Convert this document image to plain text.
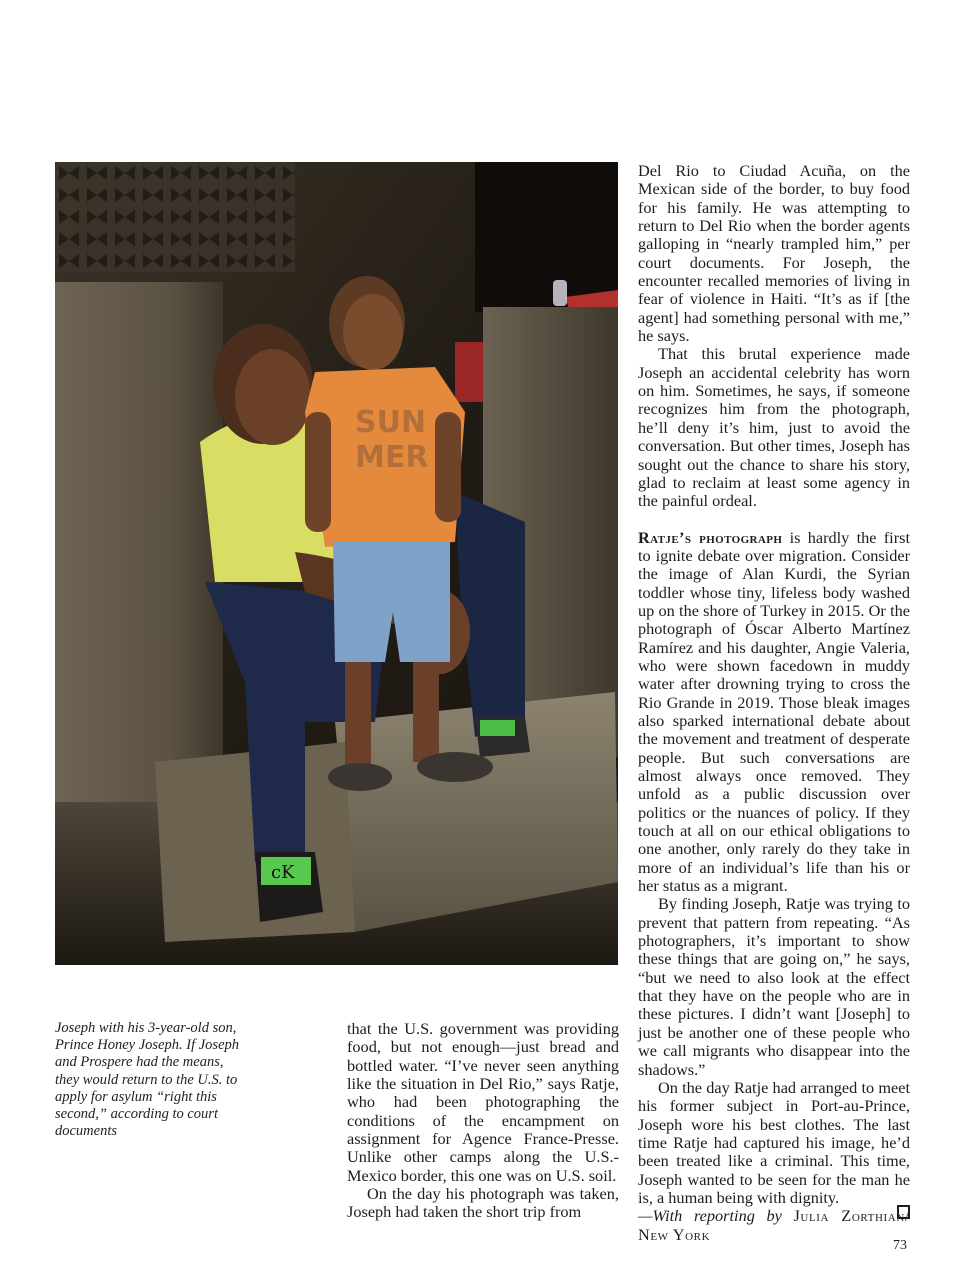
SUN
MER
cK
Joseph with his 3-year-old son, Prince Honey Joseph. If Joseph and Prospere had the means, they would return to the U.S. to apply for asylum “right this second,” according to court documents

that the U.S. government was providing food, but not enough—just bread and bottled water. “I’ve never seen anything like the situation in Del Rio,” says Ratje, who had been photographing the conditions of the encampment on assignment for Agence France-Presse. Unlike other camps along the U.S.-Mexico border, this one was on U.S. soil.

On the day his photograph was taken, Joseph had taken the short trip from

Del Rio to Ciudad Acuña, on the Mexican side of the border, to buy food for his family. He was attempting to return to Del Rio when the border agents galloping in “nearly trampled him,” per court documents. For Joseph, the encounter recalled memories of living in fear of violence in Haiti. “It’s as if [the agent] had something personal with me,” he says.

That this brutal experience made Joseph an accidental celebrity has worn on him. Sometimes, he says, if someone recognizes him from the photograph, he’ll deny it’s him, just to avoid the conversation. But other times, Joseph has sought out the chance to share his story, glad to reclaim at least some agency in the painful ordeal.

Ratje’s photograph is hardly the first to ignite debate over migration. Consider the image of Alan Kurdi, the Syrian toddler whose tiny, lifeless body washed up on the shore of Turkey in 2015. Or the photograph of Óscar Alberto Martínez Ramírez and his daughter, Angie Valeria, who were shown facedown in muddy water after drowning trying to cross the Rio Grande in 2019. Those bleak images also sparked international debate about the movement and treatment of desperate people. But such conversations are almost always once removed. They unfold as a public discussion over politics or the nuances of policy. If they touch at all on our ethical obligations to one another, only rarely do they take in more of an individual’s life than his or her status as a migrant.

By finding Joseph, Ratje was trying to prevent that pattern from repeating. “As photographers, it’s important to show these things that are going on,” he says, “but we need to also look at the effect that they have on the people who are in these pictures. I didn’t want [Joseph] to just be another one of these people who we call migrants who disappear into the shadows.”

On the day Ratje had arranged to meet his former subject in Port-au-Prince, Joseph wore his best clothes. The last time Ratje had captured his image, he’d been treated like a criminal. This time, Joseph wanted to be seen for the man he is, a human being with dignity.

—With reporting by Julia Zorthian/ New York

73
